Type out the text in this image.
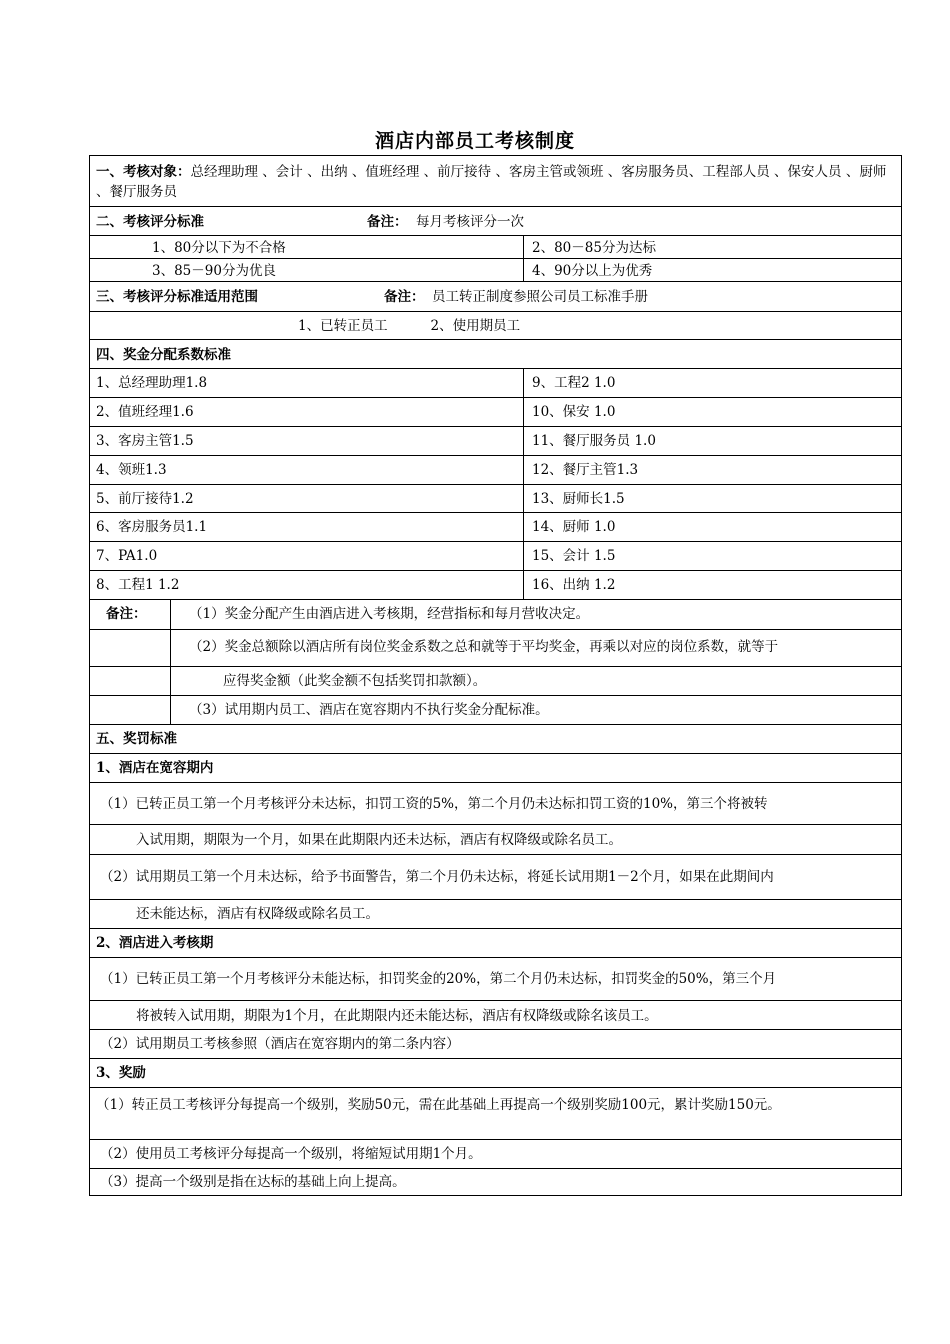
酒店内部员工考核制度
一、考核对象：总经理助理 、会计 、出纳 、值班经理 、前厅接待 、客房主管或领班 、客房服务员、工程部人员 、保安人员 、厨师 、餐厅服务员
二、考核评分标准	备注： 每月考核评分一次
1、80分以下为不合格	2、80－85分为达标
3、85－90分为优良	4、90分以上为优秀
三、考核评分标准适用范围	备注： 员工转正制度参照公司员工标准手册
1、已转正员工          2、使用期员工
四、奖金分配系数标准
1、总经理助理1.8	9、工程2 1.0
2、值班经理1.6	10、保安 1.0
3、客房主管1.5	11、餐厅服务员 1.0
4、领班1.3	12、餐厅主管1.3
5、前厅接待1.2	13、厨师长1.5
6、客房服务员1.1	14、厨师 1.0
7、PA1.0	15、会计 1.5
8、工程1 1.2	16、出纳 1.2
备注：	（1）奖金分配产生由酒店进入考核期，经营指标和每月营收决定。
（2）奖金总额除以酒店所有岗位奖金系数之总和就等于平均奖金，再乘以对应的岗位系数，就等于
应得奖金额（此奖金额不包括奖罚扣款额）。
（3）试用期内员工、酒店在宽容期内不执行奖金分配标准。
五、奖罚标准
1、酒店在宽容期内
（1）已转正员工第一个月考核评分未达标，扣罚工资的5%，第二个月仍未达标扣罚工资的10%，第三个将被转
入试用期，期限为一个月，如果在此期限内还未达标，酒店有权降级或除名员工。
（2）试用期员工第一个月未达标，给予书面警告，第二个月仍未达标，将延长试用期1－2个月，如果在此期间内
还未能达标，酒店有权降级或除名员工。
2、酒店进入考核期
（1）已转正员工第一个月考核评分未能达标，扣罚奖金的20%，第二个月仍未达标，扣罚奖金的50%，第三个月
将被转入试用期，期限为1个月，在此期限内还未能达标，酒店有权降级或除名该员工。
（2）试用期员工考核参照（酒店在宽容期内的第二条内容）
3、奖励
（1）转正员工考核评分每提高一个级别，奖励50元，需在此基础上再提高一个级别奖励100元，累计奖励150元。
（2）使用员工考核评分每提高一个级别，将缩短试用期1个月。
（3）提高一个级别是指在达标的基础上向上提高。
